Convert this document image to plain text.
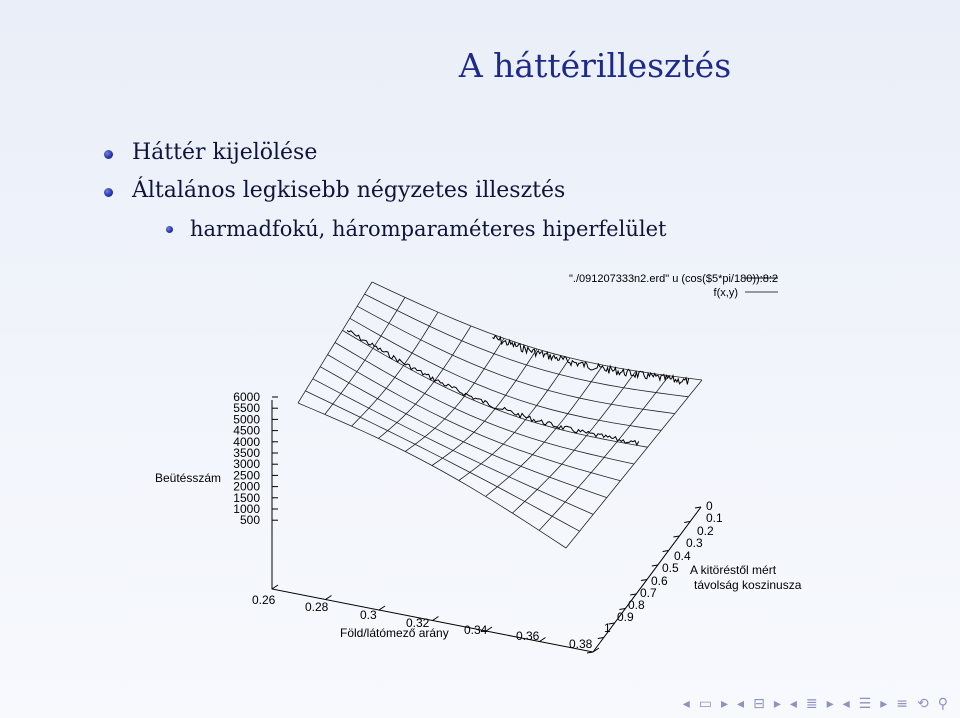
A háttérillesztés
Háttér kijelölése
Általános legkisebb négyzetes illesztés
harmadfokú, háromparaméteres hiperfelület
6000
5500
5000
4500
4000
3500
3000
2500
2000
1500
1000
500
0.26 0.28
0.3
0.32	0.34 0.36
0.38
0
0.1
0.2
0.3
0.4
0.5
0.6
0.7
0.8
0.9
1
"./091207333n2.erd" u (cos($5*pi/180)):8:2
f(x,y)
Beütésszám
Föld/látómező arány
A kitöréstől mért
távolság koszinusza
◂ ▭ ▸ ◂ ⊟ ▸ ◂ ≣ ▸ ◂ ☰ ▸ ≡ ⟲ ⚲
